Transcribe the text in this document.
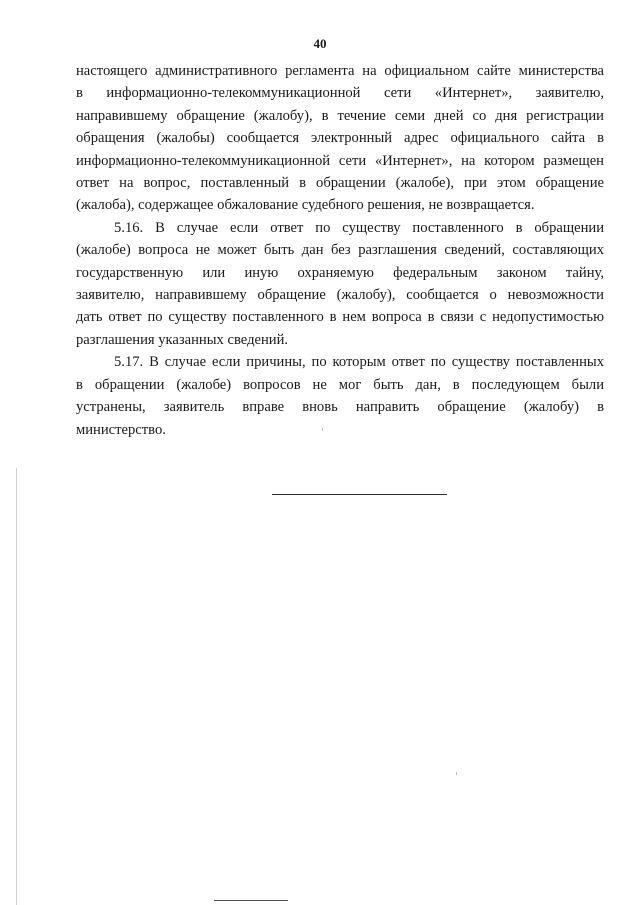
40

настоящего административного регламента на официальном сайте министерства
в информационно-телекоммуникационной сети «Интернет», заявителю,
направившему обращение (жалобу), в течение семи дней со дня регистрации
обращения (жалобы) сообщается электронный адрес официального сайта в
информационно-телекоммуникационной сети «Интернет», на котором размещен
ответ на вопрос, поставленный в обращении (жалобе), при этом обращение
(жалоба), содержащее обжалование судебного решения, не возвращается.

5.16. В случае если ответ по существу поставленного в обращении
(жалобе) вопроса не может быть дан без разглашения сведений, составляющих
государственную или иную охраняемую федеральным законом тайну,
заявителю, направившему обращение (жалобу), сообщается о невозможности
дать ответ по существу поставленного в нем вопроса в связи с недопустимостью
разглашения указанных сведений.

5.17. В случае если причины, по которым ответ по существу поставленных
в обращении (жалобе) вопросов не мог быть дан, в последующем были
устранены, заявитель вправе вновь направить обращение (жалобу) в
министерство.
